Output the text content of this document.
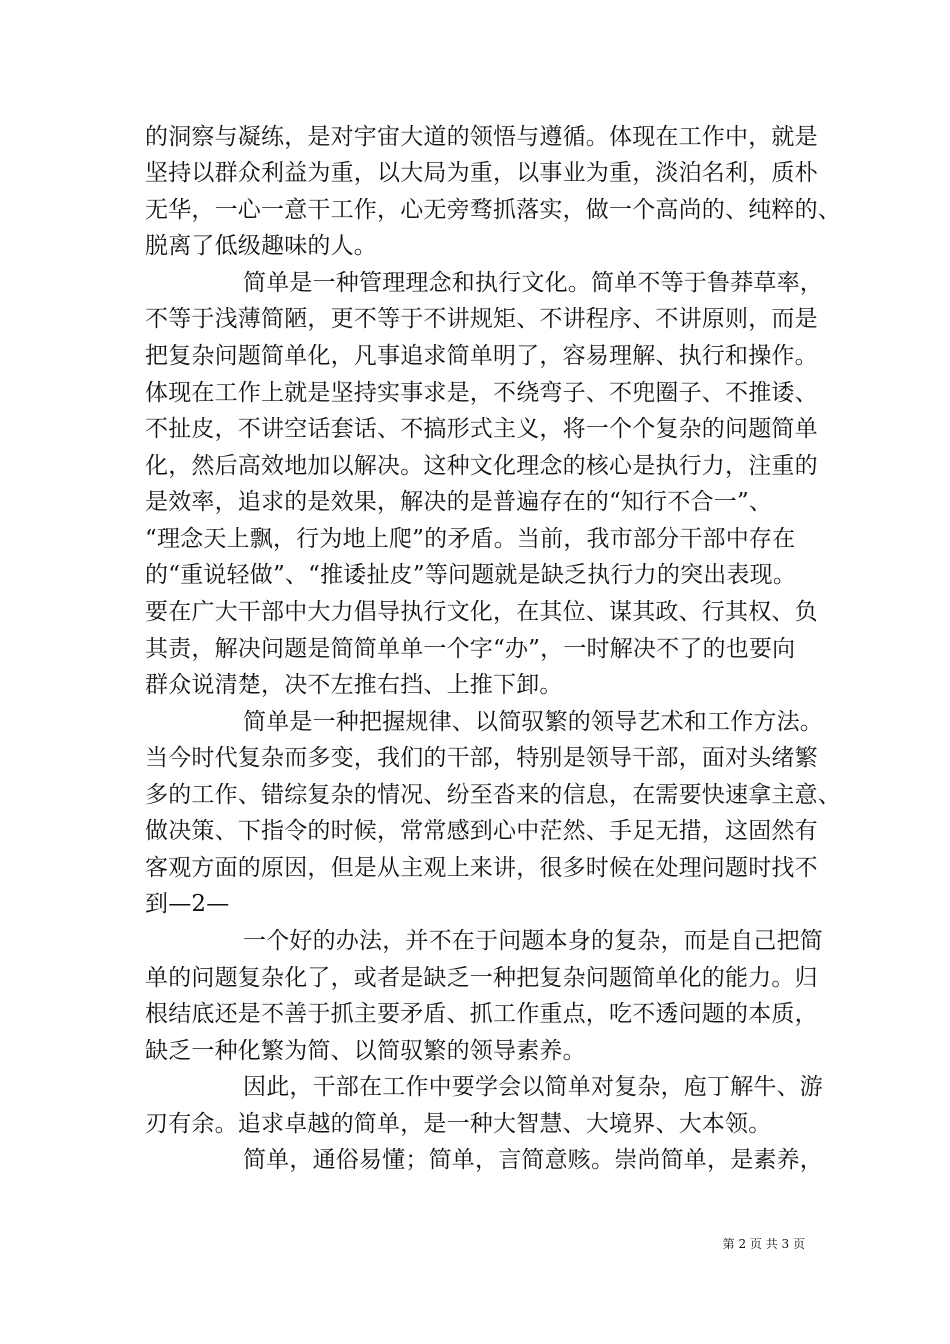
的洞察与凝练，是对宇宙大道的领悟与遵循。体现在工作中，就是
坚持以群众利益为重，以大局为重，以事业为重，淡泊名利，质朴
无华，一心一意干工作，心无旁骛抓落实，做一个高尚的、纯粹的、
脱离了低级趣味的人。
简单是一种管理理念和执行文化。简单不等于鲁莽草率，
不等于浅薄简陋，更不等于不讲规矩、不讲程序、不讲原则，而是
把复杂问题简单化，凡事追求简单明了，容易理解、执行和操作。
体现在工作上就是坚持实事求是，不绕弯子、不兜圈子、不推诿、
不扯皮，不讲空话套话、不搞形式主义，将一个个复杂的问题简单
化，然后高效地加以解决。这种文化理念的核心是执行力，注重的
是效率，追求的是效果，解决的是普遍存在的“知行不合一”、
“理念天上飘，行为地上爬”的矛盾。当前，我市部分干部中存在
的“重说轻做”、“推诿扯皮”等问题就是缺乏执行力的突出表现。
要在广大干部中大力倡导执行文化，在其位、谋其政、行其权、负
其责，解决问题是简简单单一个字“办”，一时解决不了的也要向
群众说清楚，决不左推右挡、上推下卸。
简单是一种把握规律、以简驭繁的领导艺术和工作方法。
当今时代复杂而多变，我们的干部，特别是领导干部，面对头绪繁
多的工作、错综复杂的情况、纷至沓来的信息，在需要快速拿主意、
做决策、下指令的时候，常常感到心中茫然、手足无措，这固然有
客观方面的原因，但是从主观上来讲，很多时候在处理问题时找不
到—2—
一个好的办法，并不在于问题本身的复杂，而是自己把简
单的问题复杂化了，或者是缺乏一种把复杂问题简单化的能力。归
根结底还是不善于抓主要矛盾、抓工作重点，吃不透问题的本质，
缺乏一种化繁为简、以简驭繁的领导素养。
因此，干部在工作中要学会以简单对复杂，庖丁解牛、游
刃有余。追求卓越的简单，是一种大智慧、大境界、大本领。
简单，通俗易懂；简单，言简意赅。崇尚简单，是素养，
第 2 页 共 3 页
